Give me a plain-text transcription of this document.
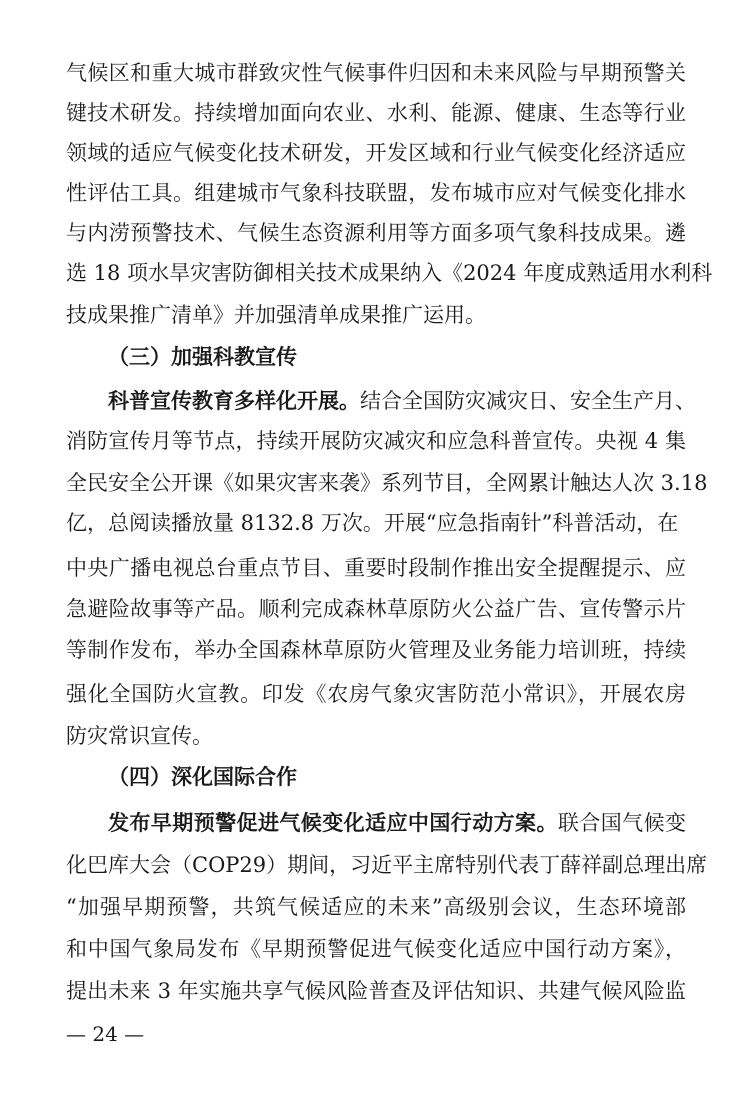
气候区和重大城市群致灾性气候事件归因和未来风险与早期预警关
键技术研发。持续增加面向农业、水利、能源、健康、生态等行业
领域的适应气候变化技术研发，开发区域和行业气候变化经济适应
性评估工具。组建城市气象科技联盟，发布城市应对气候变化排水
与内涝预警技术、气候生态资源利用等方面多项气象科技成果。遴
选 18 项水旱灾害防御相关技术成果纳入《2024 年度成熟适用水利科
技成果推广清单》并加强清单成果推广运用。
（三）加强科教宣传
科普宣传教育多样化开展。结合全国防灾减灾日、安全生产月、
消防宣传月等节点，持续开展防灾减灾和应急科普宣传。央视 4 集
全民安全公开课《如果灾害来袭》系列节目，全网累计触达人次 3.18
亿，总阅读播放量 8132.8 万次。开展“应急指南针”科普活动，在
中央广播电视总台重点节目、重要时段制作推出安全提醒提示、应
急避险故事等产品。顺利完成森林草原防火公益广告、宣传警示片
等制作发布，举办全国森林草原防火管理及业务能力培训班，持续
强化全国防火宣教。印发《农房气象灾害防范小常识》，开展农房
防灾常识宣传。
（四）深化国际合作
发布早期预警促进气候变化适应中国行动方案。联合国气候变
化巴库大会（COP29）期间，习近平主席特别代表丁薛祥副总理出席
“加强早期预警，共筑气候适应的未来”高级别会议，生态环境部
和中国气象局发布《早期预警促进气候变化适应中国行动方案》，
提出未来 3 年实施共享气候风险普查及评估知识、共建气候风险监
— 24 —
